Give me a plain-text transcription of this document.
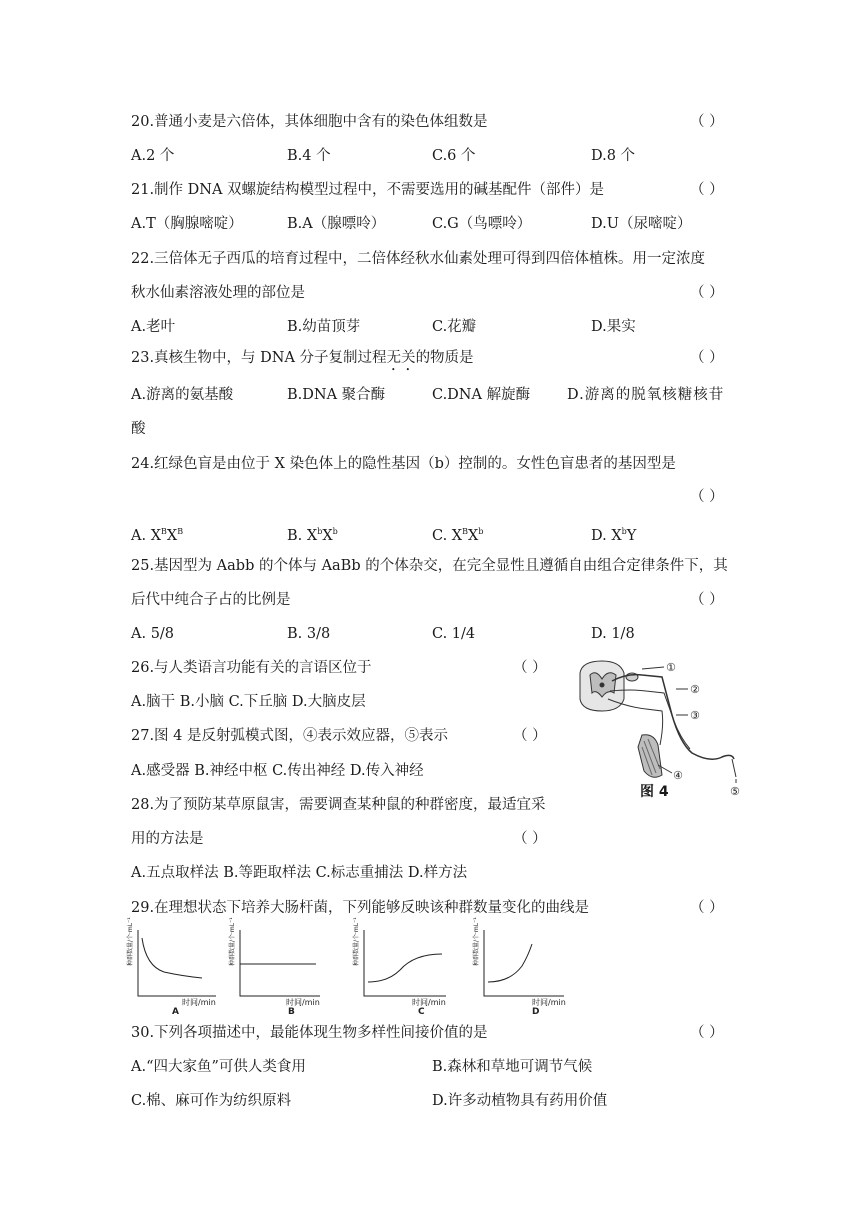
20.普通小麦是六倍体，其体细胞中含有的染色体组数是	（ ）
A.2 个	B.4 个	C.6 个	D.8 个
21.制作 DNA 双螺旋结构模型过程中，不需要选用的碱基配件（部件）是	（ ）
A.T（胸腺嘧啶）	B.A（腺嘌呤）	C.G（鸟嘌呤）	D.U（尿嘧啶）
22.三倍体无子西瓜的培育过程中，二倍体经秋水仙素处理可得到四倍体植株。用一定浓度
秋水仙素溶液处理的部位是	（ ）
A.老叶	B.幼苗顶芽	C.花瓣	D.果实
23.真核生物中，与 DNA 分子复制过程无关的物质是	（ ）
A.游离的氨基酸	B.DNA 聚合酶	C.DNA 解旋酶	D.游离的脱氧核糖核苷
酸
24.红绿色盲是由位于 X 染色体上的隐性基因（b）控制的。女性色盲患者的基因型是
（ ）
A. $X^BX^B$	B. $X^bX^b$	C. $X^BX^b$	D. $X^bY$
25.基因型为 Aabb 的个体与 AaBb 的个体杂交，在完全显性且遵循自由组合定律条件下，其
后代中纯合子占的比例是	（ ）
A. 5/8	B. 3/8	C. 1/4	D. 1/8
26.与人类语言功能有关的言语区位于	（ ）
A.脑干 B.小脑 C.下丘脑 D.大脑皮层
27.图 4 是反射弧模式图，④表示效应器，⑤表示	（ ）
A.感受器 B.神经中枢 C.传出神经 D.传入神经
28.为了预防某草原鼠害，需要调查某种鼠的种群密度，最适宜采
用的方法是	（ ）
A.五点取样法 B.等距取样法 C.标志重捕法 D.样方法
①
②
③
④
⑤
图 4
29.在理想状态下培养大肠杆菌，下列能够反映该种群数量变化的曲线是	（ ）
种群数量/个·mL⁻¹	种群数量/个·mL⁻¹	种群数量/个·mL⁻¹	种群数量/个·mL⁻¹
时间/min	时间/min	时间/min	时间/min
A	B	C	D
30.下列各项描述中，最能体现生物多样性间接价值的是	（ ）
A.“四大家鱼”可供人类食用	B.森林和草地可调节气候
C.棉、麻可作为纺织原料	D.许多动植物具有药用价值
